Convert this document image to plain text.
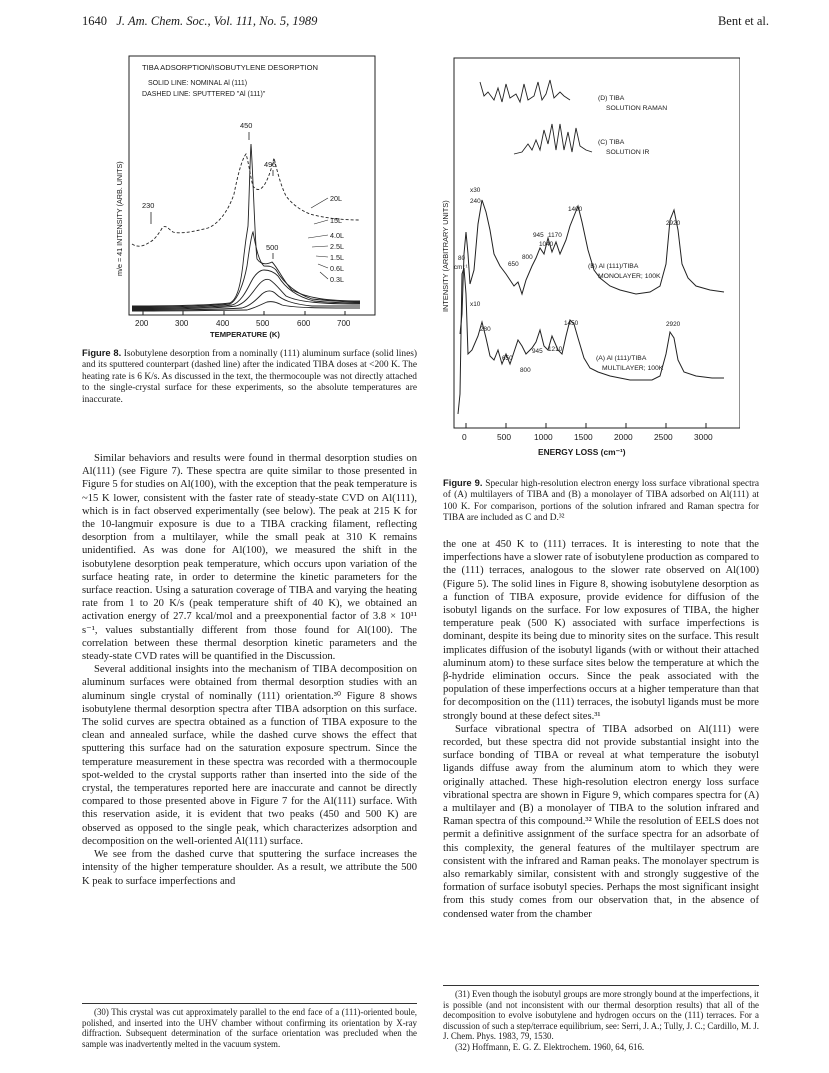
1640 J. Am. Chem. Soc., Vol. 111, No. 5, 1989	Bent et al.
TIBA ADSORPTION/ISOBUTYLENE DESORPTION
SOLID LINE: NOMINAL Al (111)
DASHED LINE: SPUTTERED "Al (111)"
m/e = 41 INTENSITY (ARB. UNITS)
200	300	400	500	600	700
TEMPERATURE (K)
450
495
230
500
20L
15L
4.0L
2.5L
1.5L
0.6L
0.3L

Figure 8. Isobutylene desorption from a nominally (111) aluminum surface (solid lines) and its sputtered counterpart (dashed line) after the indicated TIBA doses at <200 K. The heating rate is 6 K/s. As discussed in the text, the thermocouple was not directly attached to the single-crystal surface for these experiments, so the absolute temperatures are inaccurate.

Similar behaviors and results were found in thermal desorption studies on Al(111) (see Figure 7). These spectra are quite similar to those presented in Figure 5 for studies on Al(100), with the exception that the peak temperature is ~15 K lower, consistent with the faster rate of steady-state CVD on Al(111), which is in fact observed experimentally (see below). The peak at 215 K for the 10-langmuir exposure is due to a TIBA cracking filament, reflecting desorption from a multilayer, while the small peak at 310 K remains unidentified. As was done for Al(100), we measured the shift in the isobutylene desorption peak temperature, which occurs upon variation of the surface heating rate, in order to determine the kinetic parameters for the surface reaction. Using a saturation coverage of TIBA and varying the heating rate from 1 to 20 K/s (peak temperature shift of 40 K), we obtained an activation energy of 27.7 kcal/mol and a preexponential factor of 3.8 × 10¹¹ s⁻¹, values substantially different from those found for Al(100). The correlation between these thermal desorption kinetic parameters and the steady-state CVD rates will be quantified in the Discussion.

Several additional insights into the mechanism of TIBA decomposition on aluminum surfaces were obtained from thermal desorption studies with an aluminum single crystal of nominally (111) orientation.³⁰ Figure 8 shows isobutylene thermal desorption spectra after TIBA adsorption on this surface. The solid curves are spectra obtained as a function of TIBA exposure to the clean and annealed surface, while the dashed curve shows the effect that sputtering this surface had on the saturation exposure spectrum. Since the temperature measurement in these spectra was recorded with a thermocouple spot-welded to the crystal supports rather than inserted into the side of the crystal, the temperatures reported here are inaccurate and cannot be directly compared to those presented above in Figure 7 for the Al(111) surface. With this reservation aside, it is evident that two peaks (450 and 500 K) are observed as opposed to the single peak, which characterizes adsorption and decomposition on the well-oriented Al(111) surface.

We see from the dashed curve that sputtering the surface increases the intensity of the higher temperature shoulder. As a result, we attribute the 500 K peak to surface imperfections and

(30) This crystal was cut approximately parallel to the end face of a (111)-oriented boule, polished, and inserted into the UHV chamber without confirming its orientation by X-ray diffraction. Subsequent determination of the surface orientation was precluded when the sample was inadvertently melted in the vacuum system.

INTENSITY (ARBITRARY UNITS)
0	500	1000	1500	2000	2500	3000
ENERGY LOSS (cm⁻¹)
(D) TIBA
SOLUTION RAMAN
(C) TIBA
SOLUTION IR
(B) Al (111)/TIBA
MONOLAYER; 100K
x30
240
1400
945 1170
1040
800
650
2920
80
cm⁻¹
(A) Al (111)/TIBA
MULTILAYER; 100K
x10
280
1450
945 1210
650
800
2920

Figure 9. Specular high-resolution electron energy loss surface vibrational spectra of (A) multilayers of TIBA and (B) a monolayer of TIBA adsorbed on Al(111) at 100 K. For comparison, portions of the solution infrared and Raman spectra for TIBA are included as C and D.³²

the one at 450 K to (111) terraces. It is interesting to note that the imperfections have a slower rate of isobutylene production as compared to the (111) terraces, analogous to the slower rate observed on Al(100) (Figure 5). The solid lines in Figure 8, showing isobutylene desorption as a function of TIBA exposure, provide evidence for diffusion of the isobutyl ligands on the surface. For low exposures of TIBA, the higher temperature peak (500 K) associated with surface imperfections is dominant, despite its being due to minority sites on the surface. This result implicates diffusion of the isobutyl ligands (with or without their attached aluminum atom) to these surface sites below the temperature at which the β-hydride elimination occurs. Since the peak associated with the population of these imperfections occurs at a higher temperature than that for decomposition on the (111) terraces, the isobutyl ligands must be more strongly bound at these defect sites.³¹

Surface vibrational spectra of TIBA adsorbed on Al(111) were recorded, but these spectra did not provide substantial insight into the surface bonding of TIBA or reveal at what temperature the isobutyl ligands diffuse away from the aluminum atom to which they were originally attached. These high-resolution electron energy loss surface vibrational spectra are shown in Figure 9, which compares spectra for (A) a multilayer and (B) a monolayer of TIBA to the solution infrared and Raman spectra of this compound.³² While the resolution of EELS does not permit a definitive assignment of the surface spectra for an adsorbate of this complexity, the general features of the multilayer spectrum are consistent with the infrared and Raman peaks. The monolayer spectrum is also remarkably similar, consistent with and strongly suggestive of the formation of surface isobutyl species. Perhaps the most significant insight from this study comes from our observation that, in the absence of condensed water from the chamber

(31) Even though the isobutyl groups are more strongly bound at the imperfections, it is possible (and not inconsistent with our thermal desorption results) that all of the decomposition to evolve isobutylene and hydrogen occurs on the (111) terraces. For a discussion of such a step/terrace equilibrium, see: Serri, J. A.; Tully, J. C.; Cardillo, M. J. J. Chem. Phys. 1983, 79, 1530.

(32) Hoffmann, E. G. Z. Elektrochem. 1960, 64, 616.
